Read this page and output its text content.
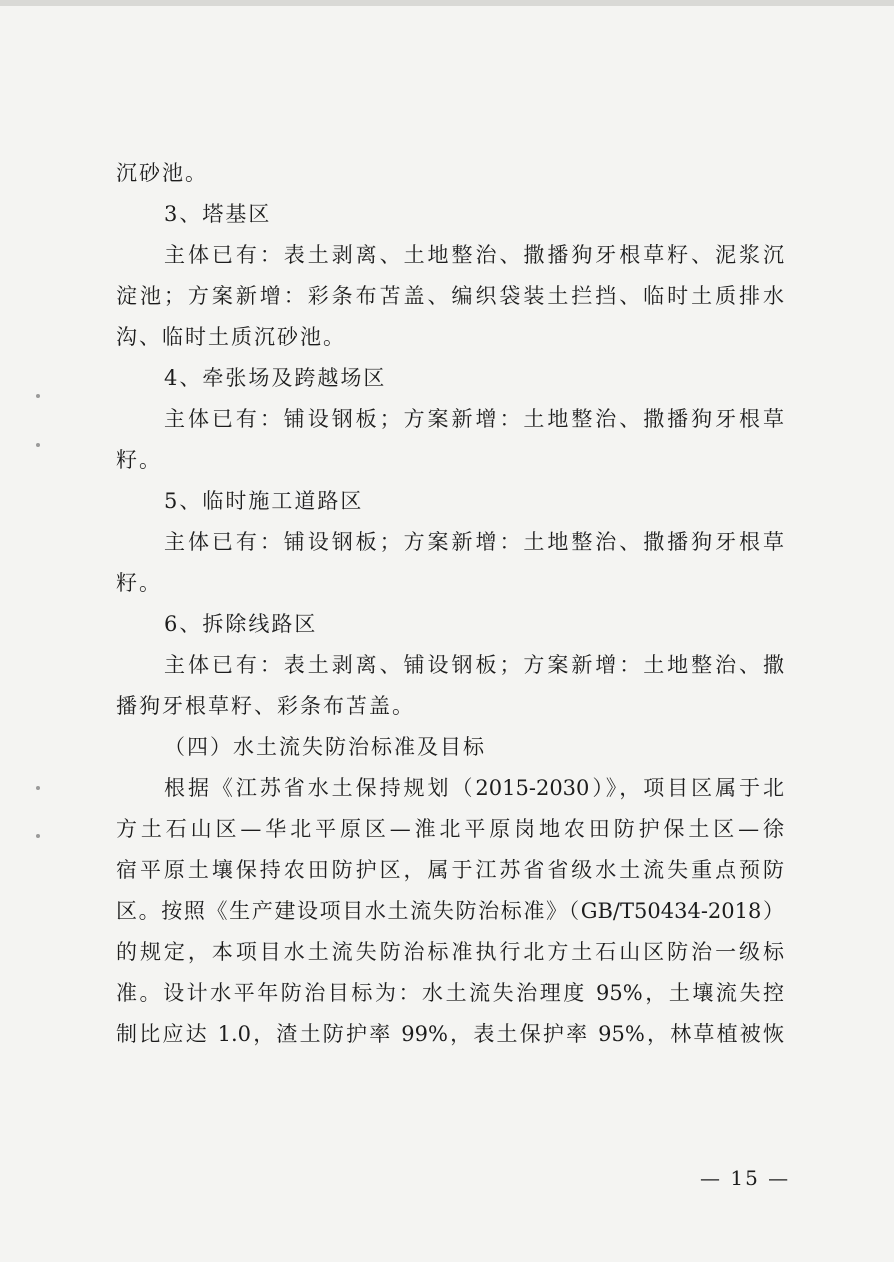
沉砂池。
3、塔基区
主体已有：表土剥离、土地整治、撒播狗牙根草籽、泥浆沉
淀池；方案新增：彩条布苫盖、编织袋装土拦挡、临时土质排水
沟、临时土质沉砂池。
4、牵张场及跨越场区
主体已有：铺设钢板；方案新增：土地整治、撒播狗牙根草
籽。
5、临时施工道路区
主体已有：铺设钢板；方案新增：土地整治、撒播狗牙根草
籽。
6、拆除线路区
主体已有：表土剥离、铺设钢板；方案新增：土地整治、撒
播狗牙根草籽、彩条布苫盖。
（四）水土流失防治标准及目标
根据《江苏省水土保持规划（2015-2030）》，项目区属于北
方土石山区—华北平原区—淮北平原岗地农田防护保土区—徐
宿平原土壤保持农田防护区，属于江苏省省级水土流失重点预防
区。按照《生产建设项目水土流失防治标准》（GB/T50434-2018）
的规定，本项目水土流失防治标准执行北方土石山区防治一级标
准。设计水平年防治目标为：水土流失治理度 95%，土壤流失控
制比应达 1.0，渣土防护率 99%，表土保护率 95%，林草植被恢
— 15 —
